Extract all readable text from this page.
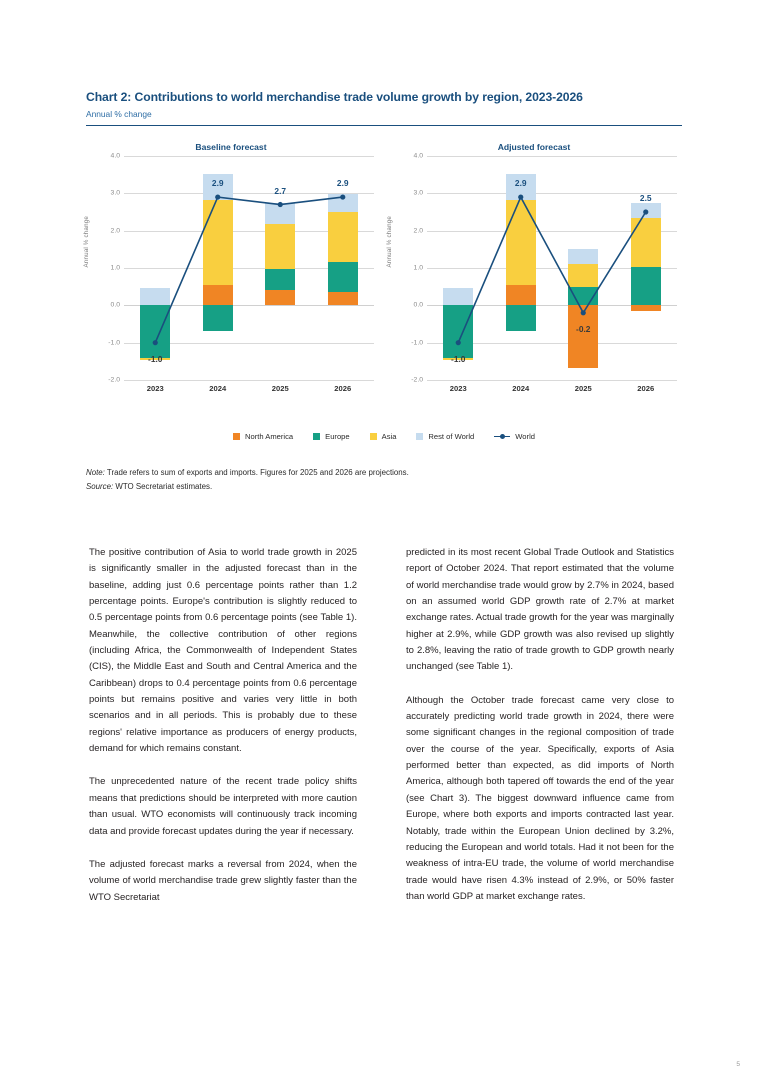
Chart 2: Contributions to world merchandise trade volume growth by region, 2023-2026
Annual % change
Baseline forecast
Annual % change
-2.0
-1.0
0.0
1.0
2.0
3.0
4.0
-1.0
2.9
2.7
2.9
2023	2024	2025	2026
Adjusted forecast
Annual % change
-2.0
-1.0
0.0
1.0
2.0
3.0
4.0
-1.0
2.9
-0.2
2.5
2023	2024	2025	2026
North America	Europe	Asia	Rest of World	World
Note: Trade refers to sum of exports and imports. Figures for 2025 and 2026 are projections.
Source: WTO Secretariat estimates.

The positive contribution of Asia to world trade growth in 2025 is significantly smaller in the adjusted forecast than in the baseline, adding just 0.6 percentage points rather than 1.2 percentage points. Europe's contribution is slightly reduced to 0.5 percentage points from 0.6 percentage points (see Table 1). Meanwhile, the collective contribution of other regions (including Africa, the Commonwealth of Independent States (CIS), the Middle East and South and Central America and the Caribbean) drops to 0.4 percentage points from 0.6 percentage points but remains positive and varies very little in both scenarios and in all periods. This is probably due to these regions' relative importance as producers of energy products, demand for which remains constant.

The unprecedented nature of the recent trade policy shifts means that predictions should be interpreted with more caution than usual. WTO economists will continuously track incoming data and provide forecast updates during the year if necessary.

The adjusted forecast marks a reversal from 2024, when the volume of world merchandise trade grew slightly faster than the WTO Secretariat

predicted in its most recent Global Trade Outlook and Statistics report of October 2024. That report estimated that the volume of world merchandise trade would grow by 2.7% in 2024, based on an assumed world GDP growth rate of 2.7% at market exchange rates. Actual trade growth for the year was marginally higher at 2.9%, while GDP growth was also revised up slightly to 2.8%, leaving the ratio of trade growth to GDP growth nearly unchanged (see Table 1).

Although the October trade forecast came very close to accurately predicting world trade growth in 2024, there were some significant changes in the regional composition of trade over the course of the year. Specifically, exports of Asia performed better than expected, as did imports of North America, although both tapered off towards the end of the year (see Chart 3). The biggest downward influence came from Europe, where both exports and imports contracted last year. Notably, trade within the European Union declined by 3.2%, reducing the European and world totals. Had it not been for the weakness of intra-EU trade, the volume of world merchandise trade would have risen 4.3% instead of 2.9%, or 50% faster than world GDP at market exchange rates.

5
